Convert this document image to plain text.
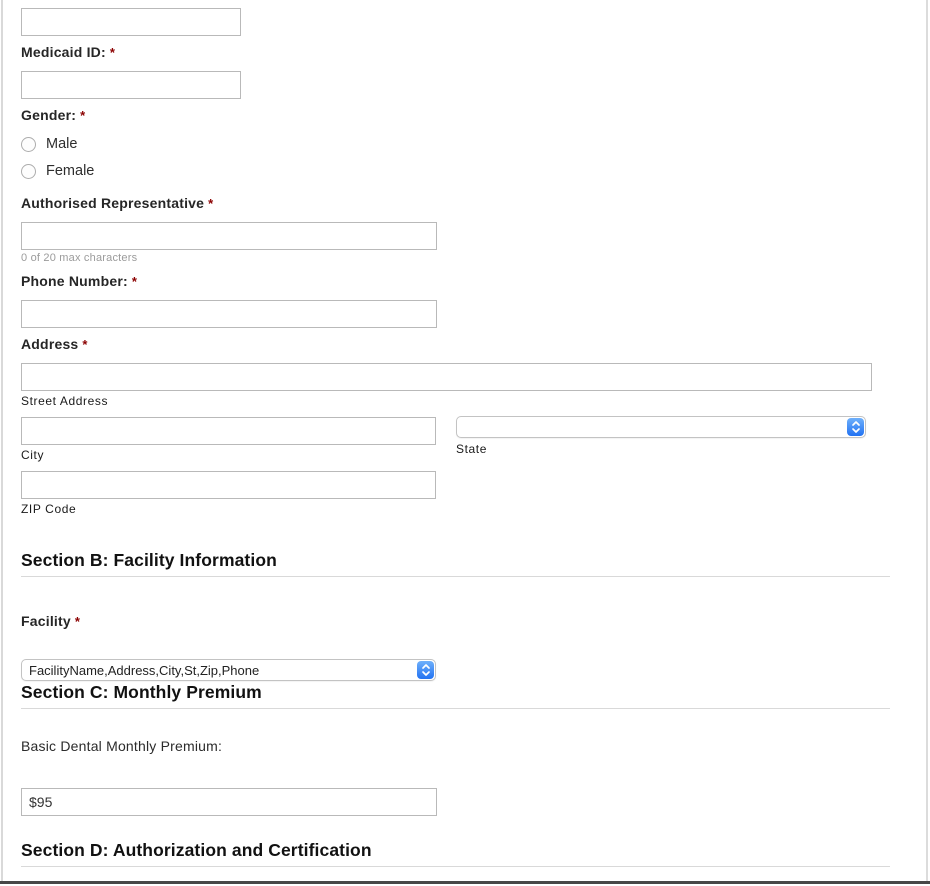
Medicaid ID: *
Gender: *
Male
Female
Authorised Representative *
0 of 20 max characters
Phone Number: *
Address *
Street Address
State
City
ZIP Code
Section B: Facility Information
Facility *
FacilityName,Address,City,St,Zip,Phone
Section C: Monthly Premium
Basic Dental Monthly Premium:
$95
Section D: Authorization and Certification
